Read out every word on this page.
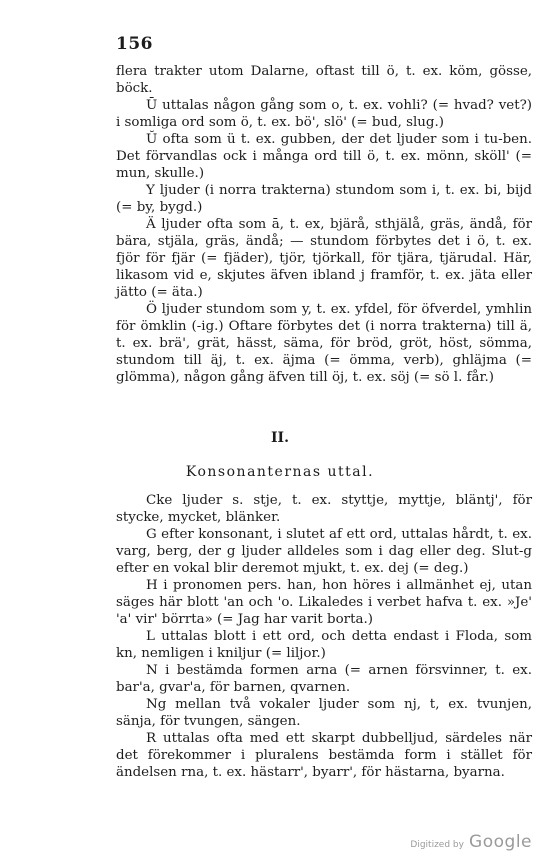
156

flera trakter utom Dalarne, oftast till ö, t. ex. köm, gösse, böck.

Ū uttalas någon gång som o, t. ex. vohli? (= hvad? vet?) i somliga ord som ö, t. ex. bö', slö' (= bud, slug.)

Ŭ ofta som ü t. ex. gubben, der det ljuder som i tu-ben. Det förvandlas ock i många ord till ö, t. ex. mönn, sköll' (= mun, skulle.)

Y ljuder (i norra trakterna) stundom som i, t. ex. bi, bijd (= by, bygd.)

Ä ljuder ofta som ā, t. ex, bjärå, sthjälå, gräs, ändå, för bära, stjäla, gräs, ändå; — stundom förbytes det i ö, t. ex. fjör för fjär (= fjäder), tjör, tjörkall, för tjära, tjärudal. Här, likasom vid e, skjutes äfven ibland j framför, t. ex. jäta eller jätto (= äta.)

Ö ljuder stundom som y, t. ex. yfdel, för öfverdel, ymhlin för ömklin (-ig.) Oftare förbytes det (i norra trakterna) till ä, t. ex. brä', grät, hässt, säma, för bröd, gröt, höst, sömma, stundom till äj, t. ex. äjma (= ömma, verb), ghläjma (= glömma), någon gång äfven till öj, t. ex. söj (= sö l. får.)

II.
Konsonanternas uttal.

Cke ljuder s. stje, t. ex. styttje, myttje, bläntj', för stycke, mycket, blänker.

G efter konsonant, i slutet af ett ord, uttalas hårdt, t. ex. varg, berg, der g ljuder alldeles som i dag eller deg. Slut-g efter en vokal blir deremot mjukt, t. ex. dej (= deg.)

H i pronomen pers. han, hon höres i allmänhet ej, utan säges här blott 'an och 'o. Likaledes i verbet hafva t. ex. »Je' 'a' vir' börrta» (= Jag har varit borta.)

L uttalas blott i ett ord, och detta endast i Floda, som kn, nemligen i kniljur (= liljor.)

N i bestämda formen arna (= arnen försvinner, t. ex. bar'a, gvar'a, för barnen, qvarnen.

Ng mellan två vokaler ljuder som nj, t, ex. tvunjen, sänja, för tvungen, sängen.

R uttalas ofta med ett skarpt dubbelljud, särdeles när det förekommer i pluralens bestämda form i stället för ändelsen rna, t. ex. hästarr', byarr', för hästarna, byarna.

Digitized by Google
